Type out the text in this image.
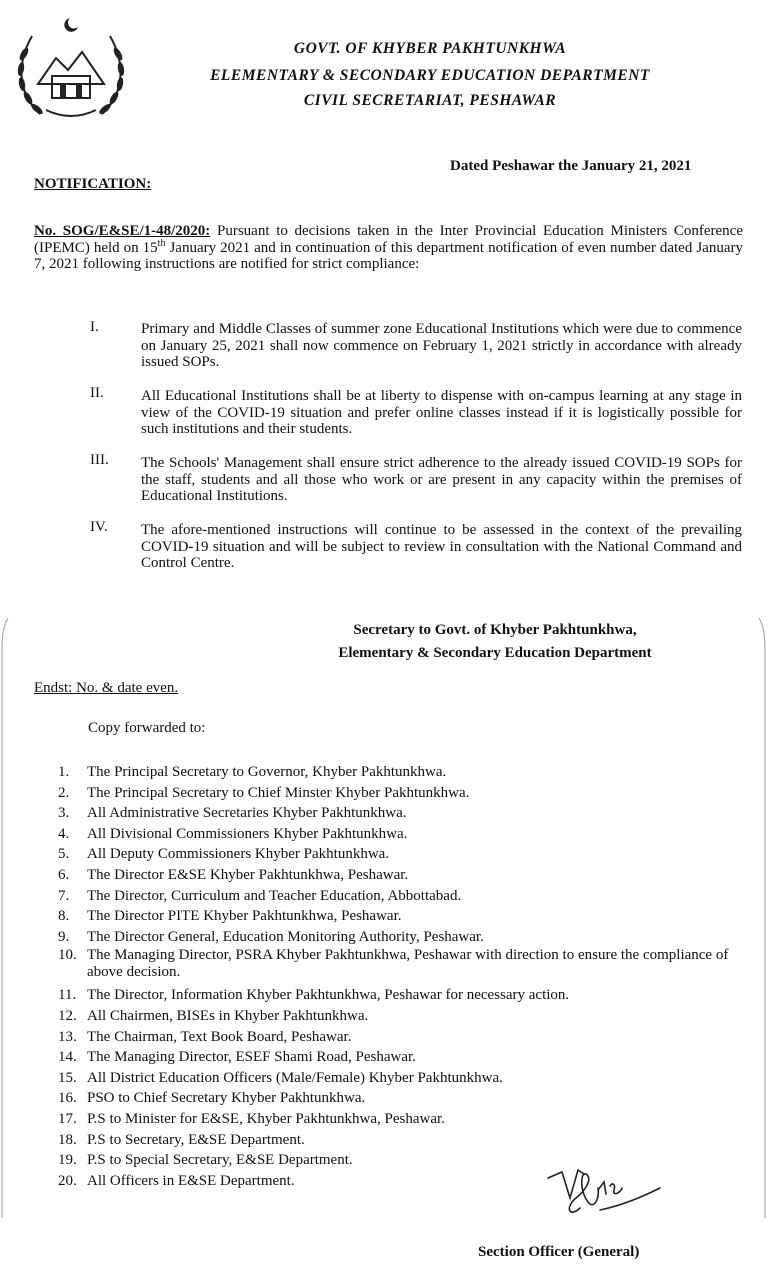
GOVT. OF KHYBER PAKHTUNKHWA
ELEMENTARY & SECONDARY EDUCATION DEPARTMENT
CIVIL SECRETARIAT, PESHAWAR
Dated Peshawar the January 21, 2021
NOTIFICATION:
No. SOG/E&SE/1-48/2020: Pursuant to decisions taken in the Inter Provincial Education Ministers Conference (IPEMC) held on 15th January 2021 and in continuation of this department notification of even number dated January 7, 2021 following instructions are notified for strict compliance:
I.	Primary and Middle Classes of summer zone Educational Institutions which were due to commence on January 25, 2021 shall now commence on February 1, 2021 strictly in accordance with already issued SOPs.
II.	All Educational Institutions shall be at liberty to dispense with on-campus learning at any stage in view of the COVID-19 situation and prefer online classes instead if it is logistically possible for such institutions and their students.
III.	The Schools' Management shall ensure strict adherence to the already issued COVID-19 SOPs for the staff, students and all those who work or are present in any capacity within the premises of Educational Institutions.
IV.	The afore-mentioned instructions will continue to be assessed in the context of the prevailing COVID-19 situation and will be subject to review in consultation with the National Command and Control Centre.
Secretary to Govt. of Khyber Pakhtunkhwa,
Elementary & Secondary Education Department
Endst: No. & date even.
Copy forwarded to:
1.	The Principal Secretary to Governor, Khyber Pakhtunkhwa.
2.	The Principal Secretary to Chief Minster Khyber Pakhtunkhwa.
3.	All Administrative Secretaries Khyber Pakhtunkhwa.
4.	All Divisional Commissioners Khyber Pakhtunkhwa.
5.	All Deputy Commissioners Khyber Pakhtunkhwa.
6.	The Director E&SE Khyber Pakhtunkhwa, Peshawar.
7.	The Director, Curriculum and Teacher Education, Abbottabad.
8.	The Director PITE Khyber Pakhtunkhwa, Peshawar.
9.	The Director General, Education Monitoring Authority, Peshawar.
10. The Managing Director, PSRA Khyber Pakhtunkhwa, Peshawar with direction to ensure the compliance of above decision.
11. The Director, Information Khyber Pakhtunkhwa, Peshawar for necessary action.
12. All Chairmen, BISEs in Khyber Pakhtunkhwa.
13. The Chairman, Text Book Board, Peshawar.
14. The Managing Director, ESEF Shami Road, Peshawar.
15. All District Education Officers (Male/Female) Khyber Pakhtunkhwa.
16. PSO to Chief Secretary Khyber Pakhtunkhwa.
17. P.S to Minister for E&SE, Khyber Pakhtunkhwa, Peshawar.
18. P.S to Secretary, E&SE Department.
19. P.S to Special Secretary, E&SE Department.
20. All Officers in E&SE Department.
Section Officer (General)
